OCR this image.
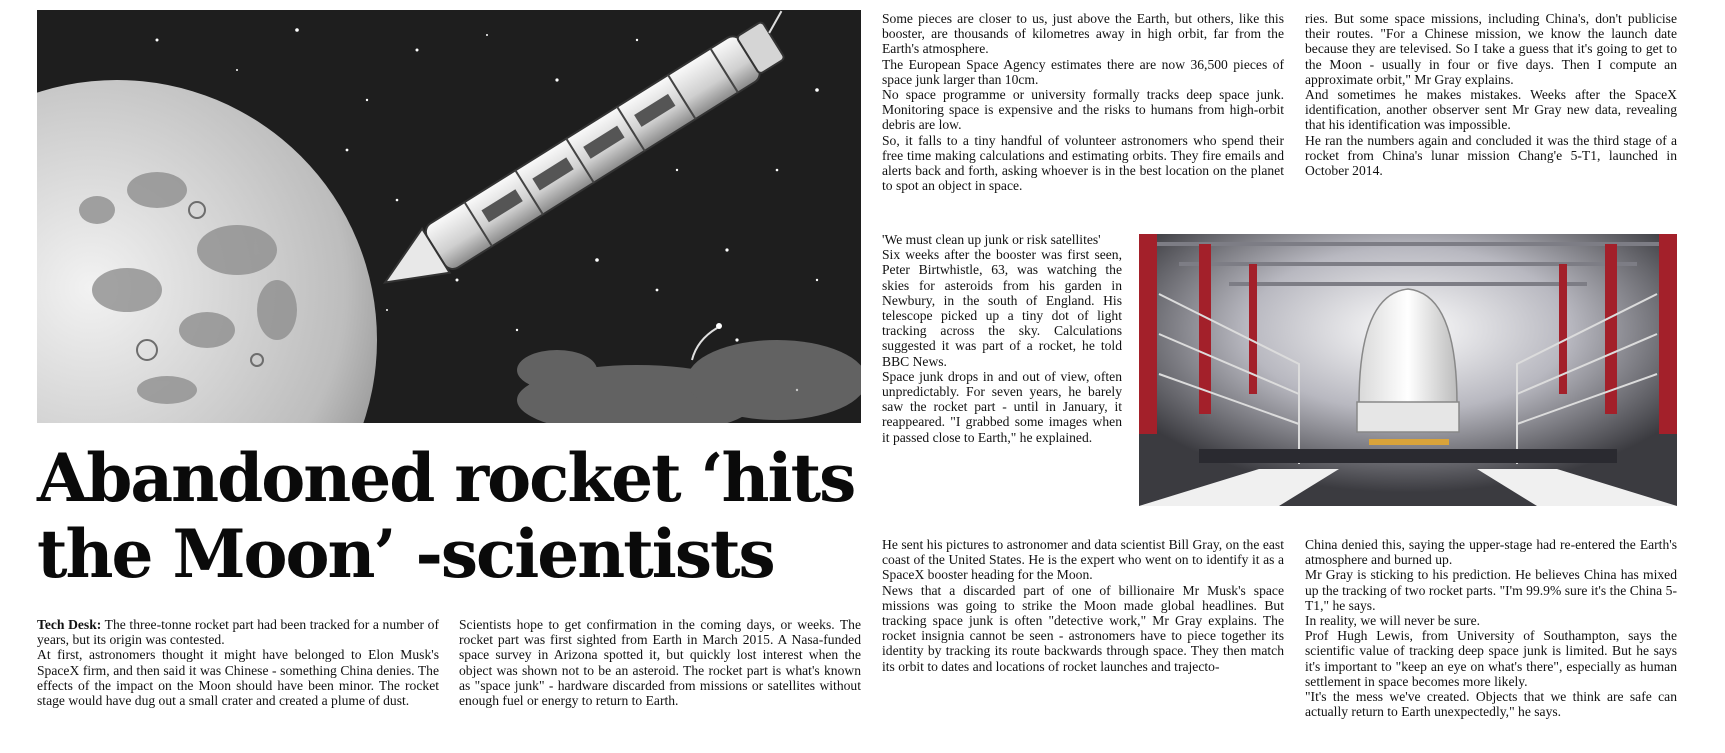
Abandoned rocket ‘hits
the Moon’ -scientists

Tech Desk: The three-tonne rocket part had been tracked for a number of years, but its origin was contested.

At first, astronomers thought it might have belonged to Elon Musk's SpaceX firm, and then said it was Chinese - something China denies. The effects of the impact on the Moon should have been minor. The rocket stage would have dug out a small crater and created a plume of dust.

Scientists hope to get confirmation in the coming days, or weeks. The rocket part was first sighted from Earth in March 2015. A Nasa-funded space survey in Arizona spotted it, but quickly lost interest when the object was shown not to be an asteroid. The rocket part is what's known as "space junk" - hardware discarded from missions or satellites without enough fuel or energy to return to Earth.

Some pieces are closer to us, just above the Earth, but others, like this booster, are thousands of kilometres away in high orbit, far from the Earth's atmosphere.

The European Space Agency estimates there are now 36,500 pieces of space junk larger than 10cm.

No space programme or university formally tracks deep space junk. Monitoring space is expensive and the risks to humans from high-orbit debris are low.

So, it falls to a tiny handful of volunteer astronomers who spend their free time making calculations and estimating orbits. They fire emails and alerts back and forth, asking whoever is in the best location on the planet to spot an object in space.

'We must clean up junk or risk satellites'

Six weeks after the booster was first seen, Peter Birtwhistle, 63, was watching the skies for asteroids from his garden in Newbury, in the south of England. His telescope picked up a tiny dot of light tracking across the sky. Calculations suggested it was part of a rocket, he told BBC News.

Space junk drops in and out of view, often unpredictably. For seven years, he barely saw the rocket part - until in January, it reappeared. "I grabbed some images when it passed close to Earth," he explained.

He sent his pictures to astronomer and data scientist Bill Gray, on the east coast of the United States. He is the expert who went on to identify it as a SpaceX booster heading for the Moon.

News that a discarded part of one of billionaire Mr Musk's space missions was going to strike the Moon made global headlines. But tracking space junk is often "detective work," Mr Gray explains. The rocket insignia cannot be seen - astronomers have to piece together its identity by tracking its route backwards through space. They then match its orbit to dates and locations of rocket launches and trajecto-

ries. But some space missions, including China's, don't publicise their routes. "For a Chinese mission, we know the launch date because they are televised. So I take a guess that it's going to get to the Moon - usually in four or five days. Then I compute an approximate orbit," Mr Gray explains.

And sometimes he makes mistakes. Weeks after the SpaceX identification, another observer sent Mr Gray new data, revealing that his identification was impossible.

He ran the numbers again and concluded it was the third stage of a rocket from China's lunar mission Chang'e 5-T1, launched in October 2014.

China denied this, saying the upper-stage had re-entered the Earth's atmosphere and burned up.

Mr Gray is sticking to his prediction. He believes China has mixed up the tracking of two rocket parts. "I'm 99.9% sure it's the China 5-T1," he says.

In reality, we will never be sure.

Prof Hugh Lewis, from University of Southampton, says the scientific value of tracking deep space junk is limited. But he says it's important to "keep an eye on what's there", especially as human settlement in space becomes more likely.

"It's the mess we've created. Objects that we think are safe can actually return to Earth unexpectedly," he says.
